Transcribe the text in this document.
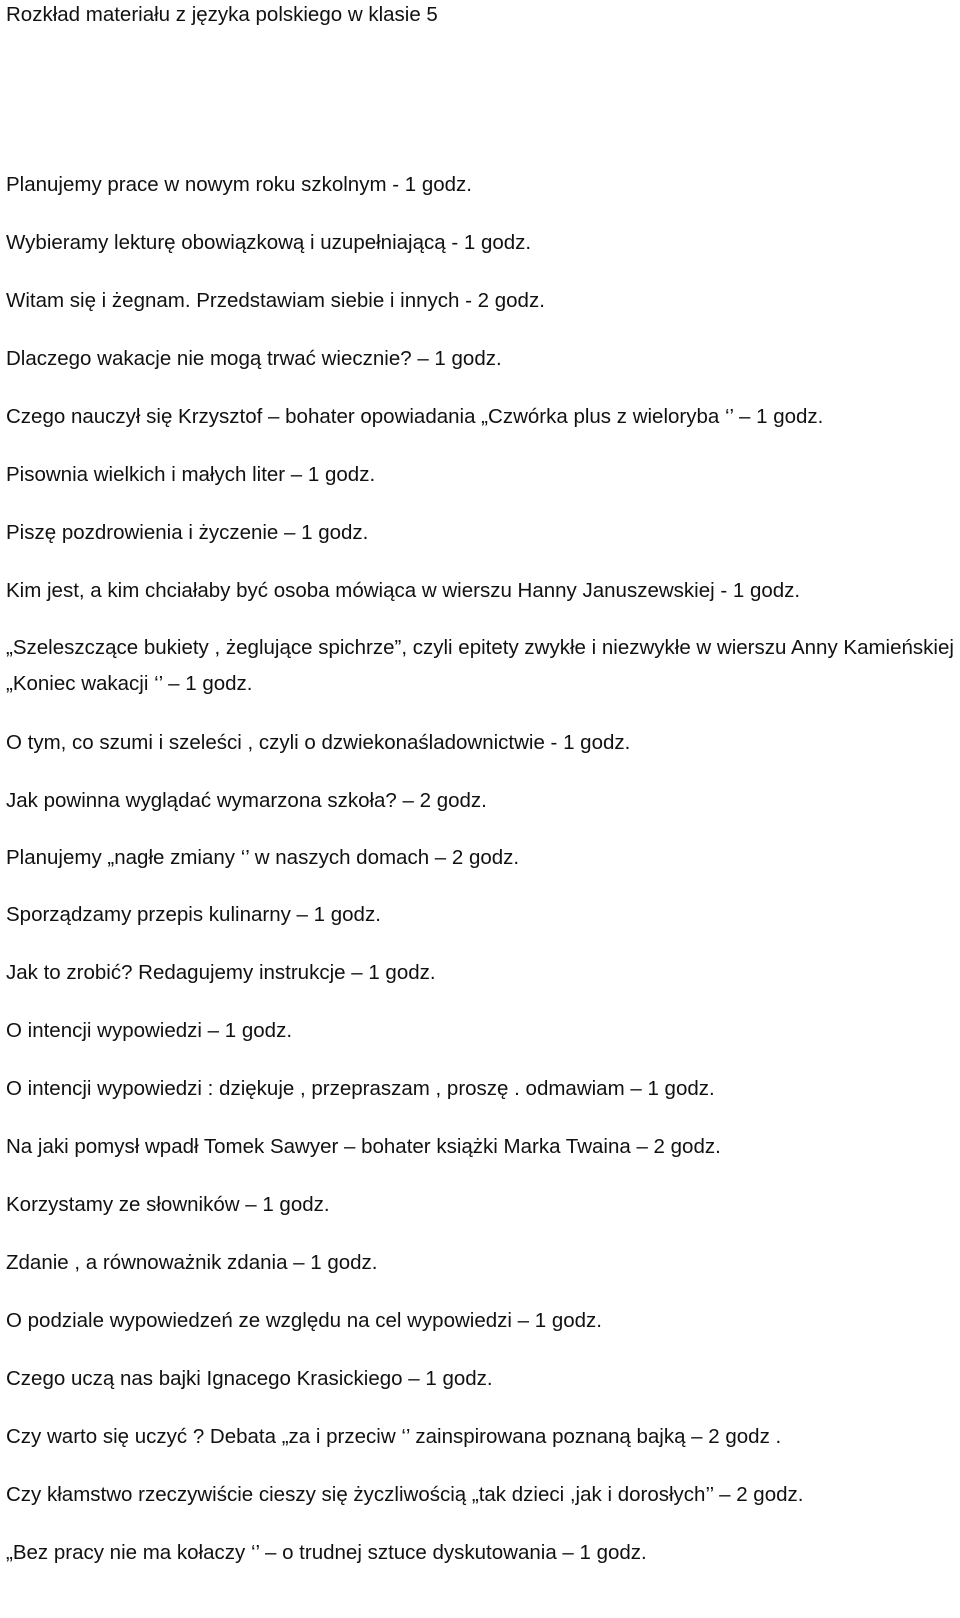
Rozkład materiału z języka polskiego w klasie 5

Planujemy prace w nowym roku szkolnym - 1 godz.

Wybieramy lekturę obowiązkową i uzupełniającą - 1 godz.

Witam się i żegnam. Przedstawiam siebie i innych - 2 godz.

Dlaczego wakacje nie mogą trwać wiecznie? – 1 godz.

Czego nauczył się Krzysztof – bohater opowiadania „Czwórka plus z wieloryba ‘’ – 1 godz.

Pisownia wielkich i małych liter – 1 godz.

Piszę pozdrowienia i życzenie – 1 godz.

Kim jest, a kim chciałaby być osoba mówiąca w wierszu Hanny Januszewskiej - 1 godz.

„Szeleszczące bukiety , żeglujące spichrze”, czyli epitety zwykłe i niezwykłe w wierszu Anny Kamieńskiej „Koniec wakacji ‘’ – 1 godz.

O tym, co szumi i szeleści , czyli o dzwiekonaśladownictwie - 1 godz.

Jak powinna wyglądać wymarzona szkoła? – 2 godz.

Planujemy „nagłe zmiany ‘’ w naszych domach – 2 godz.

Sporządzamy przepis kulinarny – 1 godz.

Jak to zrobić? Redagujemy instrukcje – 1 godz.

O intencji wypowiedzi – 1 godz.

O intencji wypowiedzi : dziękuje , przepraszam , proszę . odmawiam – 1 godz.

Na jaki pomysł wpadł Tomek Sawyer – bohater książki Marka Twaina – 2 godz.

Korzystamy ze słowników – 1 godz.

Zdanie , a równoważnik zdania – 1 godz.

O podziale wypowiedzeń ze względu na cel wypowiedzi – 1 godz.

Czego uczą nas bajki Ignacego Krasickiego – 1 godz.

Czy warto się uczyć ? Debata „za i przeciw ‘’ zainspirowana poznaną bajką – 2 godz .

Czy kłamstwo rzeczywiście cieszy się życzliwością „tak dzieci ,jak i dorosłych’’ – 2 godz.

„Bez pracy nie ma kołaczy ‘’ – o trudnej sztuce dyskutowania – 1 godz.
